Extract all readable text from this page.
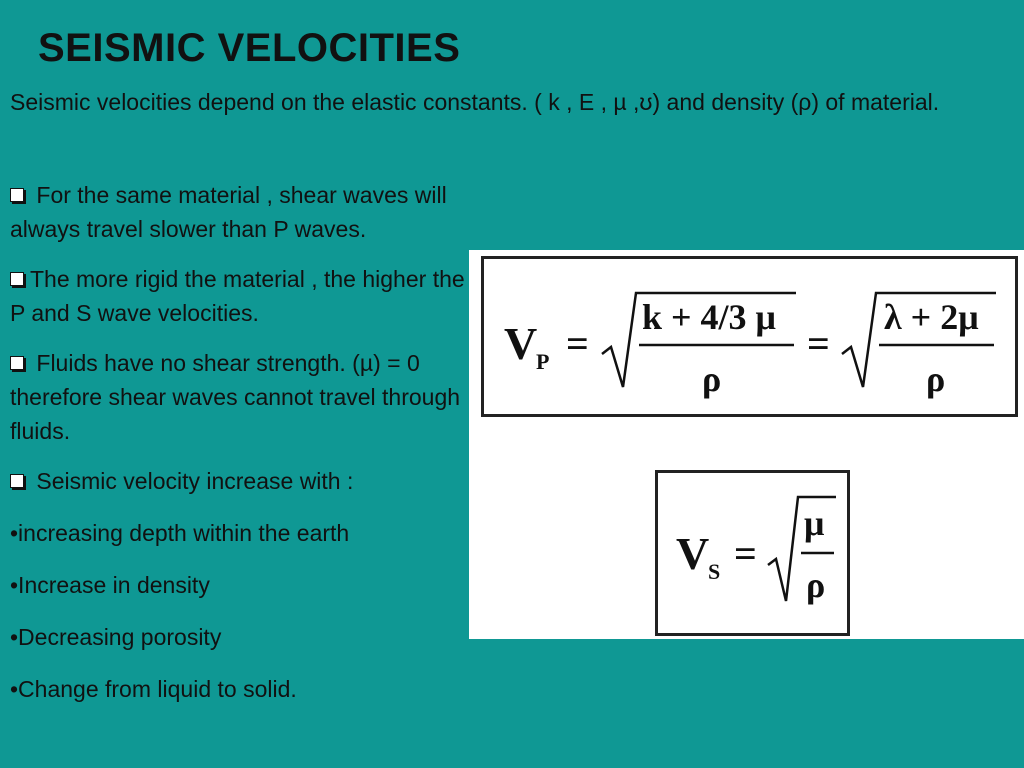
SEISMIC VELOCITIES
Seismic velocities depend on the elastic constants. ( k , E , µ ,ʊ) and density (ρ) of material.

For the same material , shear waves will always travel slower than P waves.

The more rigid the material , the higher the P and S wave velocities.

Fluids have no shear strength. (µ) = 0 therefore shear waves cannot travel through fluids.

Seismic velocity increase with :

•increasing depth within the earth

•Increase in density

•Decreasing porosity

•Change from liquid to solid.

V
P =
k + 4/3 μ
ρ
=
λ + 2μ
ρ
V
S =
μ
ρ
